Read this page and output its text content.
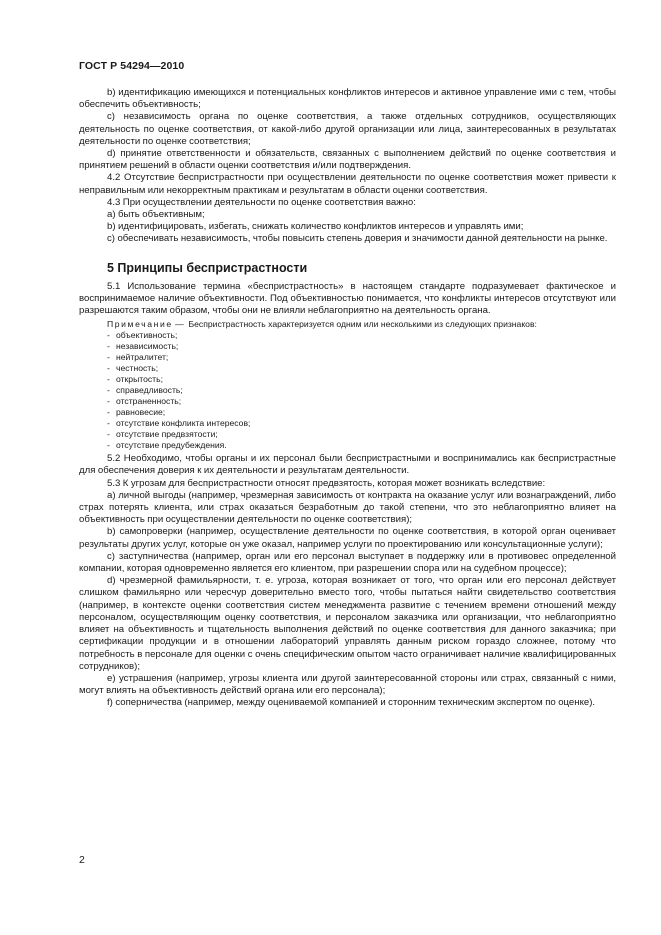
ГОСТ Р 54294—2010

b) идентификацию имеющихся и потенциальных конфликтов интересов и активное управление ими с тем, чтобы обеспечить объективность;

c) независимость органа по оценке соответствия, а также отдельных сотрудников, осуществляющих деятельность по оценке соответствия, от какой-либо другой организации или лица, заинтересованных в результатах деятельности по оценке соответствия;

d) принятие ответственности и обязательств, связанных с выполнением действий по оценке соответствия и принятием решений в области оценки соответствия и/или подтверждения.

4.2 Отсутствие беспристрастности при осуществлении деятельности по оценке соответствия может привести к неправильным или некорректным практикам и результатам в области оценки соответствия.

4.3 При осуществлении деятельности по оценке соответствия важно:

a) быть объективным;

b) идентифицировать, избегать, снижать количество конфликтов интересов и управлять ими;

c) обеспечивать независимость, чтобы повысить степень доверия и значимости данной деятельности на рынке.

5 Принципы беспристрастности

5.1 Использование термина «беспристрастность» в настоящем стандарте подразумевает фактическое и воспринимаемое наличие объективности. Под объективностью понимается, что конфликты интересов отсутствуют или разрешаются таким образом, чтобы они не влияли неблагоприятно на деятельность органа.

Примечание —  Беспристрастность характеризуется одним или несколькими из следующих признаков:

- объективность;
- независимость;
- нейтралитет;
- честность;
- открытость;
- справедливость;
- отстраненность;
- равновесие;
- отсутствие конфликта интересов;
- отсутствие предвзятости;
- отсутствие предубеждения.

5.2 Необходимо, чтобы органы и их персонал были беспристрастными и воспринимались как беспристрастные для обеспечения доверия к их деятельности и результатам деятельности.

5.3 К угрозам для беспристрастности относят предвзятость, которая может возникать вследствие:

a) личной выгоды (например, чрезмерная зависимость от контракта на оказание услуг или вознаграждений, либо страх потерять клиента, или страх оказаться безработным до такой степени, что это неблагоприятно влияет на объективность при осуществлении деятельности по оценке соответствия);

b) самопроверки (например, осуществление деятельности по оценке соответствия, в которой орган оценивает результаты других услуг, которые он уже оказал, например услуги по проектированию или консультационные услуги);

c) заступничества (например, орган или его персонал выступает в поддержку или в противовес определенной компании, которая одновременно является его клиентом, при разрешении спора или на судебном процессе);

d) чрезмерной фамильярности, т. е. угроза, которая возникает от того, что орган или его персонал действует слишком фамильярно или чересчур доверительно вместо того, чтобы пытаться найти свидетельство соответствия (например, в контексте оценки соответствия систем менеджмента развитие с течением времени отношений между персоналом, осуществляющим оценку соответствия, и персоналом заказчика или организации, что неблагоприятно влияет на объективность и тщательность выполнения действий по оценке соответствия для данного заказчика; при сертификации продукции и в отношении лабораторий управлять данным риском гораздо сложнее, потому что потребность в персонале для оценки с очень специфическим опытом часто ограничивает наличие квалифицированных сотрудников);

e) устрашения (например, угрозы клиента или другой заинтересованной стороны или страх, связанный с ними, могут влиять на объективность действий органа или его персонала);

f) соперничества (например, между оцениваемой компанией и сторонним техническим экспертом по оценке).

2
